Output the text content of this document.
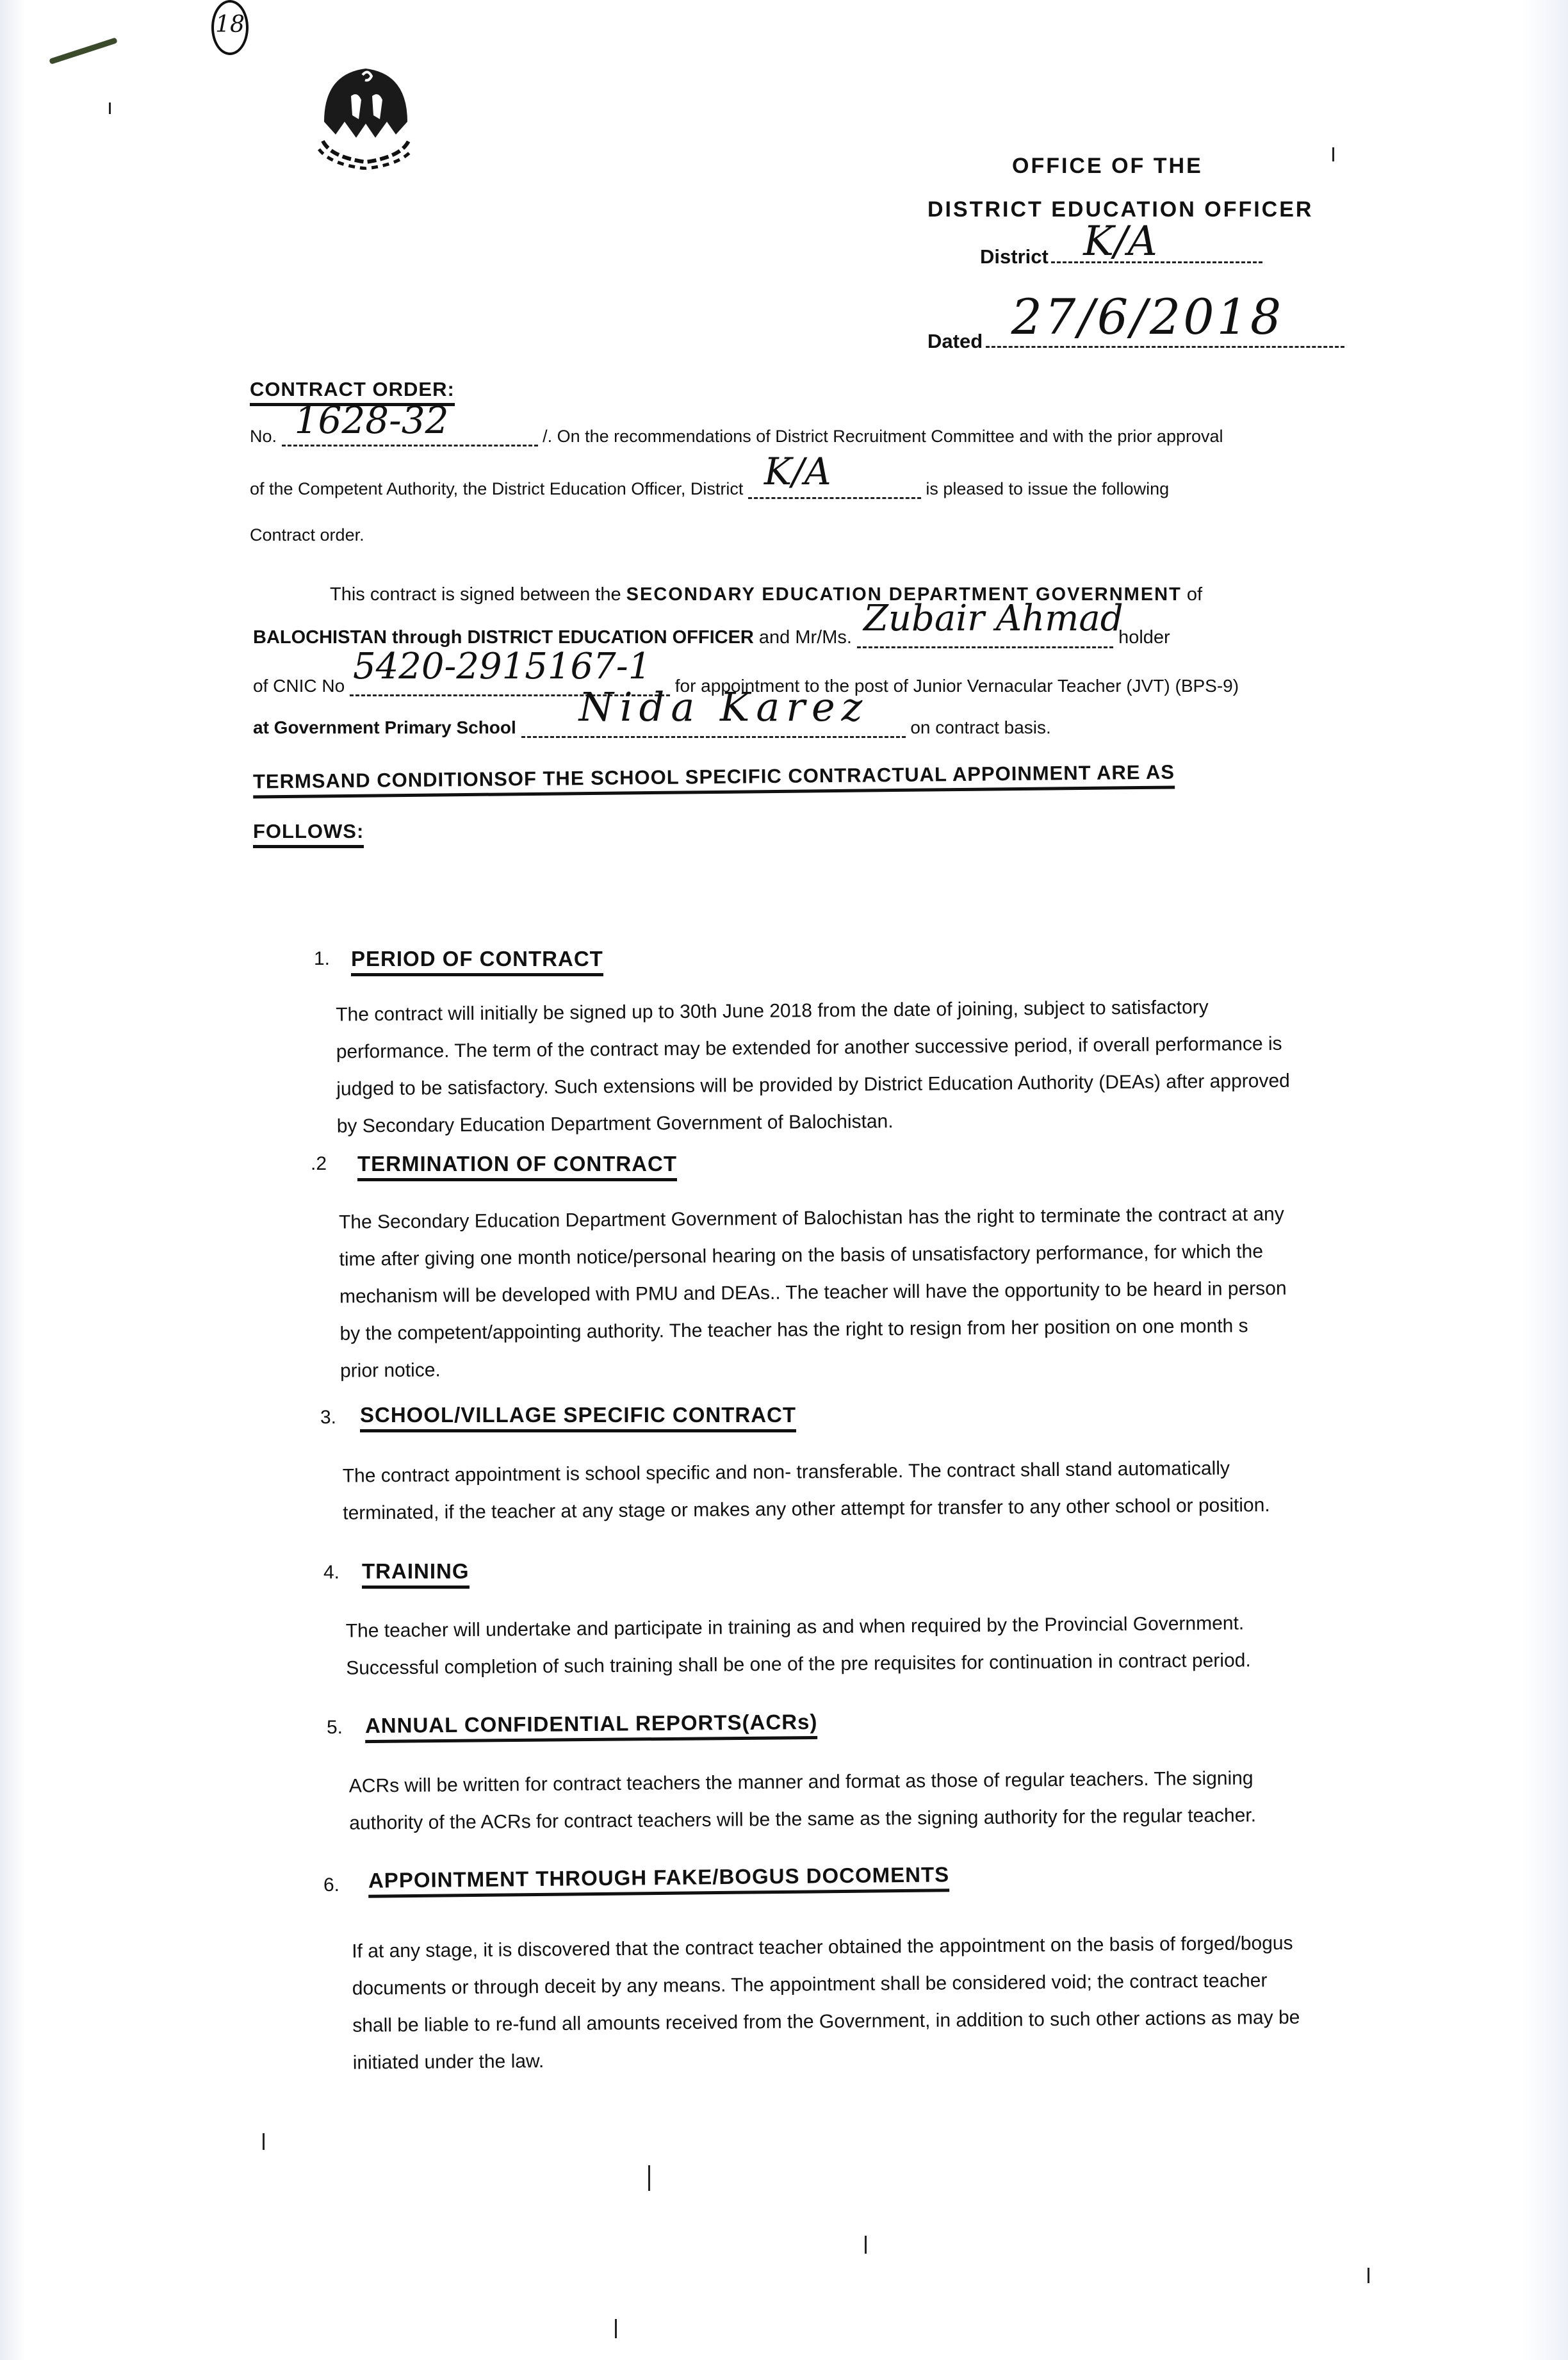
18
OFFICE OF THE
DISTRICT EDUCATION OFFICER
District K/A
Dated 27/6/2018
CONTRACT ORDER:
No. 1628-32	/. On the recommendations of District Recruitment Committee and with the prior approval
of the Competent Authority, the District Education Officer, District K/A	is pleased to issue the following
Contract order.
This contract is signed between the SECONDARY EDUCATION DEPARTMENT GOVERNMENT of
BALOCHISTAN through DISTRICT EDUCATION OFFICER and Mr/Ms. Zubair Ahmad
holder
of CNIC No 5420-2915167-1 for appointment to the post of Junior Vernacular Teacher (JVT) (BPS-9)
at Government Primary School Nida Karez on contract basis.
TERMSAND CONDITIONSOF THE SCHOOL SPECIFIC CONTRACTUAL APPOINMENT ARE AS
FOLLOWS:
1. PERIOD OF CONTRACT
The contract will initially be signed up to 30th June 2018 from the date of joining, subject to satisfactory
performance. The term of the contract may be extended for another successive period, if overall performance is
judged to be satisfactory. Such extensions will be provided by District Education Authority (DEAs) after approved
by Secondary Education Department Government of Balochistan.
.2 TERMINATION OF CONTRACT
The Secondary Education Department Government of Balochistan has the right to terminate the contract at any
time after giving one month notice/personal hearing on the basis of unsatisfactory performance, for which the
mechanism will be developed with PMU and DEAs.. The teacher will have the opportunity to be heard in person
by the competent/appointing authority. The teacher has the right to resign from her position on one month s
prior notice.
3. SCHOOL/VILLAGE SPECIFIC CONTRACT
The contract appointment is school specific and non- transferable. The contract shall stand automatically
terminated, if the teacher at any stage or makes any other attempt for transfer to any other school or position.
4. TRAINING
The teacher will undertake and participate in training as and when required by the Provincial Government.
Successful completion of such training shall be one of the pre requisites for continuation in contract period.
5. ANNUAL CONFIDENTIAL REPORTS(ACRs)
ACRs will be written for contract teachers the manner and format as those of regular teachers. The signing
authority of the ACRs for contract teachers will be the same as the signing authority for the regular teacher.
6. APPOINTMENT THROUGH FAKE/BOGUS DOCOMENTS
If at any stage, it is discovered that the contract teacher obtained the appointment on the basis of forged/bogus
documents or through deceit by any means. The appointment shall be considered void; the contract teacher
shall be liable to re-fund all amounts received from the Government, in addition to such other actions as may be
initiated under the law.
